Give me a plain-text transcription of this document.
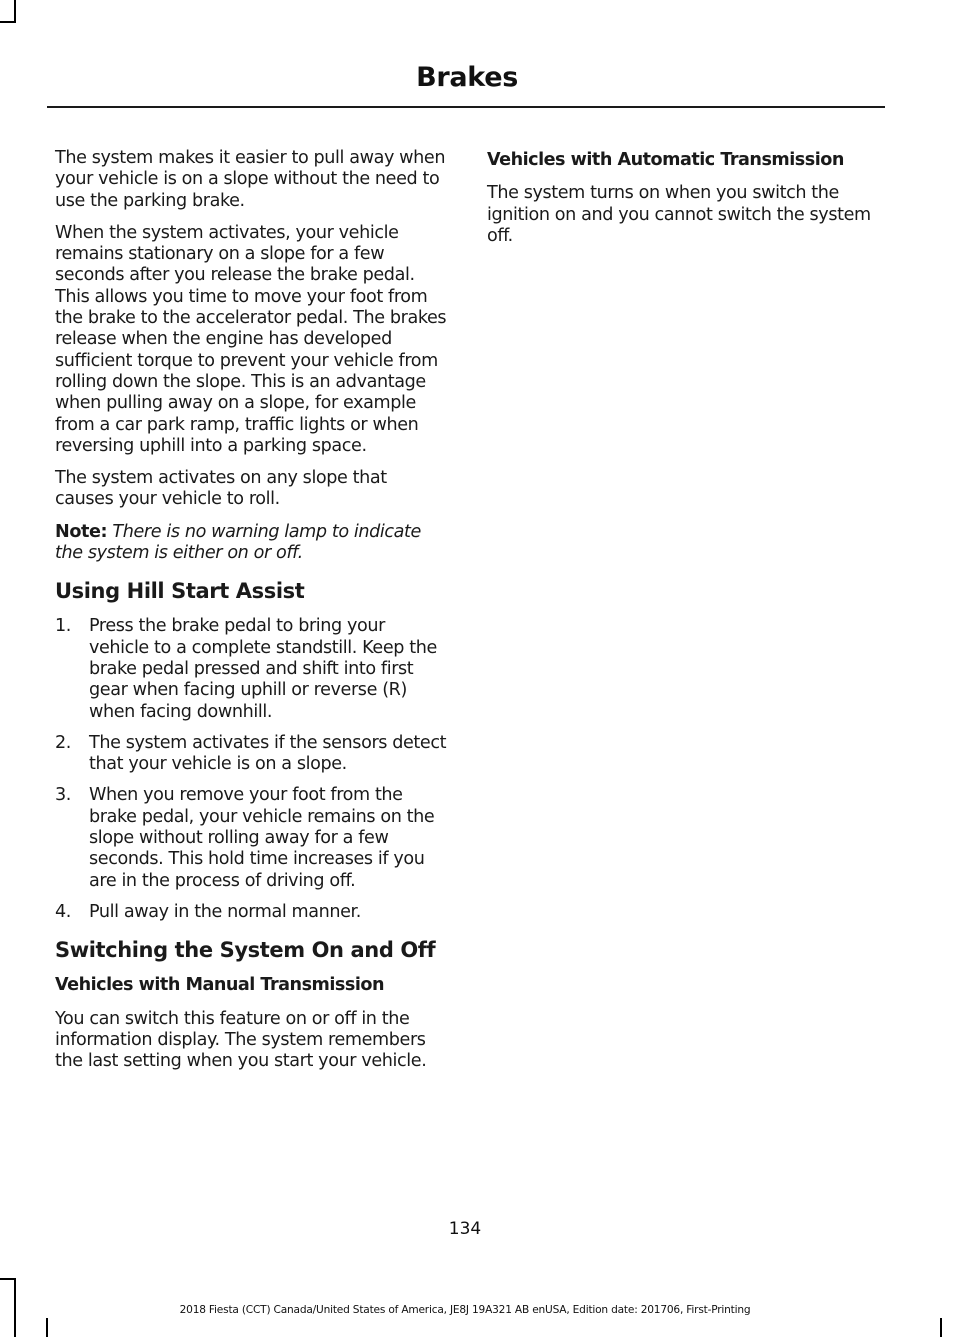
Brakes

The system makes it easier to pull away when your vehicle is on a slope without the need to use the parking brake.

When the system activates, your vehicle remains stationary on a slope for a few seconds after you release the brake pedal. This allows you time to move your foot from the brake to the accelerator pedal. The brakes release when the engine has developed sufficient torque to prevent your vehicle from rolling down the slope. This is an advantage when pulling away on a slope, for example from a car park ramp, traffic lights or when reversing uphill into a parking space.

The system activates on any slope that causes your vehicle to roll.

Note: There is no warning lamp to indicate the system is either on or off.

Using Hill Start Assist
1. Press the brake pedal to bring your vehicle to a complete standstill. Keep the brake pedal pressed and shift into first gear when facing uphill or reverse (R) when facing downhill.
2. The system activates if the sensors detect that your vehicle is on a slope.
3. When you remove your foot from the brake pedal, your vehicle remains on the slope without rolling away for a few seconds. This hold time increases if you are in the process of driving off.
4. Pull away in the normal manner.
Switching the System On and Off
Vehicles with Manual Transmission

You can switch this feature on or off in the information display. The system remembers the last setting when you start your vehicle.

Vehicles with Automatic Transmission

The system turns on when you switch the ignition on and you cannot switch the system off.

134
2018 Fiesta (CCT) Canada/United States of America, JE8J 19A321 AB enUSA, Edition date: 201706, First-Printing
